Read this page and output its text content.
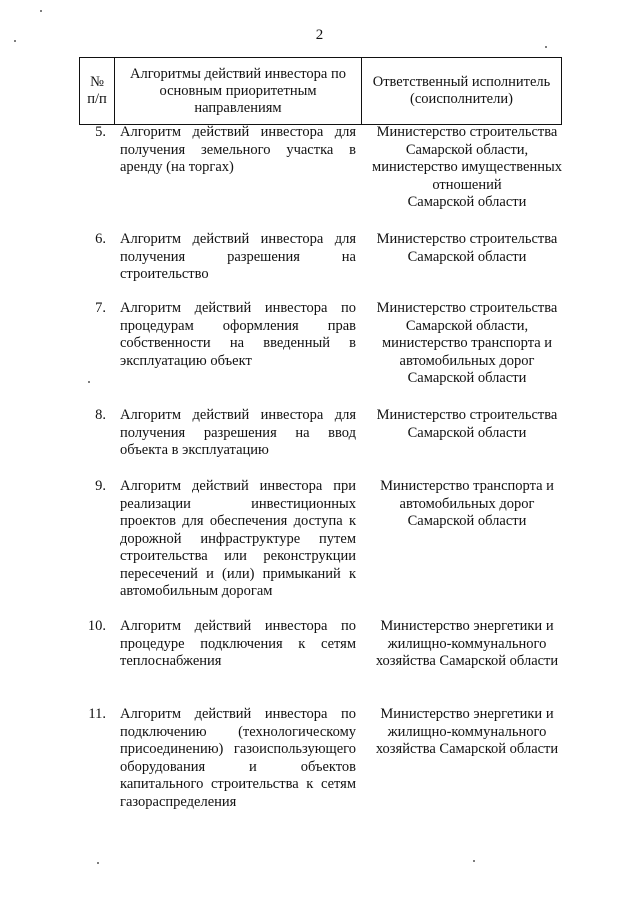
2
№ п/п
Алгоритмы действий инвестора по основным приоритетным направлениям
Ответственный исполнитель (соисполнители)
5. Алгоритм действий инвестора для получения земельного участка в аренду (на торгах)
Министерство строительства
Самарской области,
министерство имущественных
отношений
Самарской области
6. Алгоритм действий инвестора для получения разрешения на строительство
Министерство строительства
Самарской области
7. Алгоритм действий инвестора по процедурам оформления прав собственности на введенный в эксплуатацию объект
Министерство строительства
Самарской области,
министерство транспорта и
автомобильных дорог
Самарской области
8. Алгоритм действий инвестора для получения разрешения на ввод объекта в эксплуатацию
Министерство строительства
Самарской области
9. Алгоритм действий инвестора при реализации инвестиционных проектов для обеспечения доступа к дорожной инфраструктуре путем строительства или реконструкции пересечений и (или) примыканий к автомобильным дорогам
Министерство транспорта и
автомобильных дорог
Самарской области
10. Алгоритм действий инвестора по процедуре подключения к сетям теплоснабжения
Министерство энергетики и
жилищно-коммунального
хозяйства Самарской области
11. Алгоритм действий инвестора по подключению (технологическому присоединению) газоиспользующего оборудования и объектов капитального строительства к сетям газораспределения
Министерство энергетики и
жилищно-коммунального
хозяйства Самарской области
